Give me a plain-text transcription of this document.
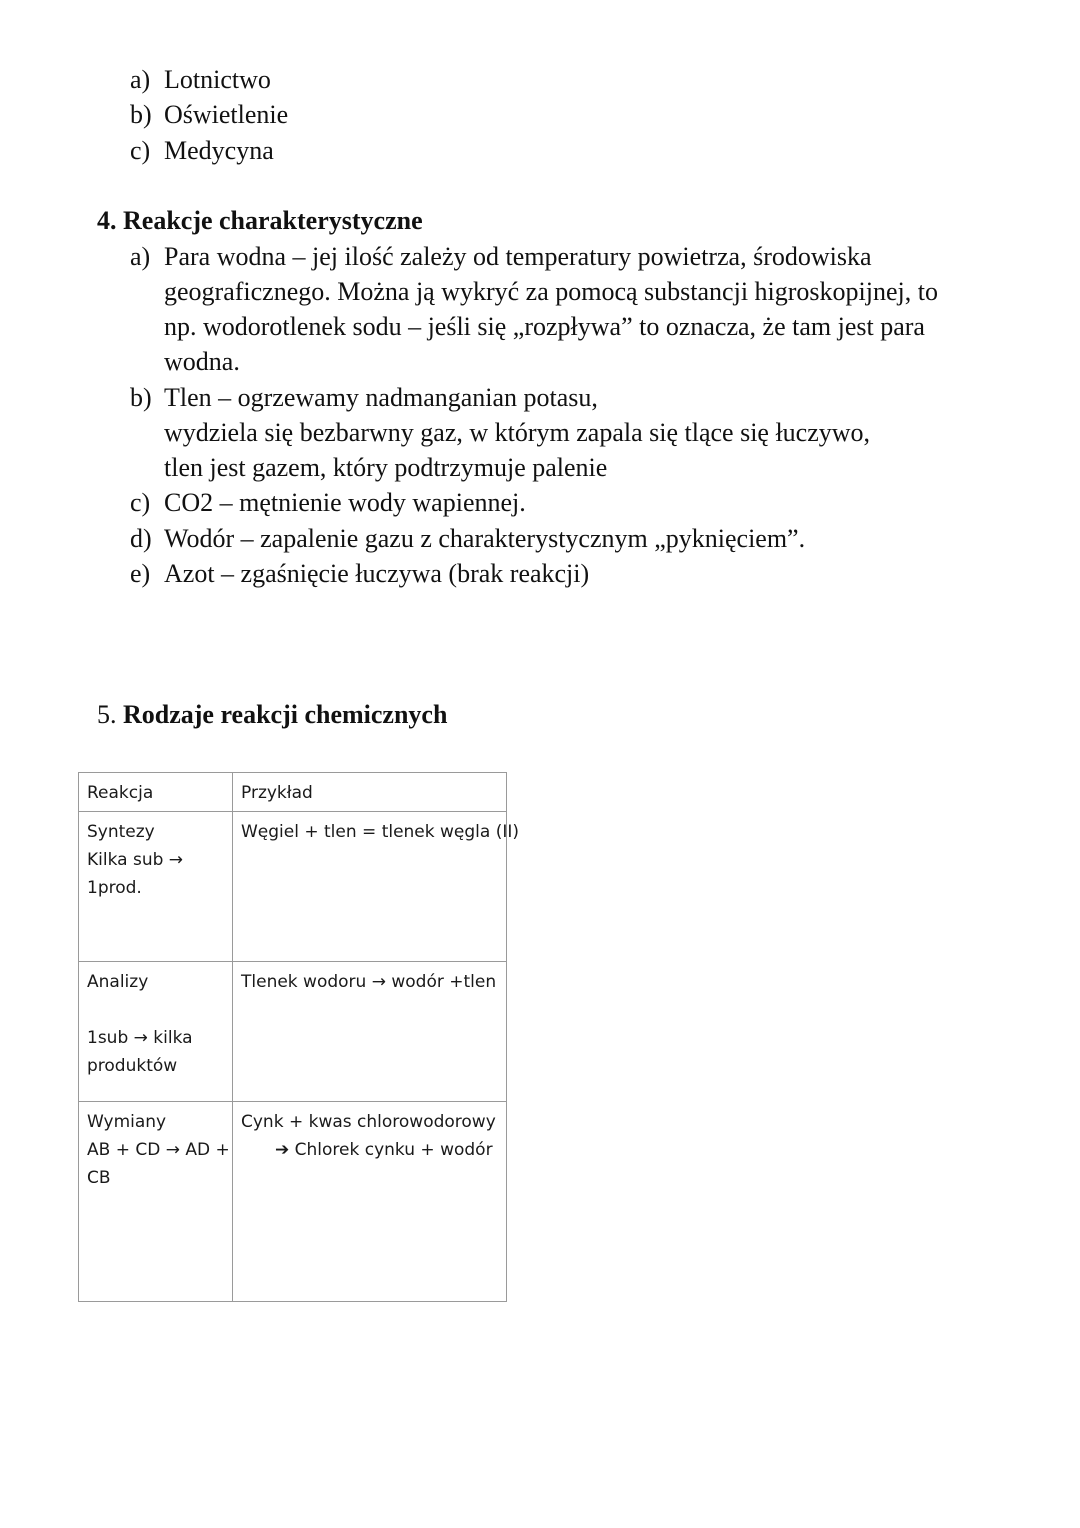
a) Lotnictwo
b) Oświetlenie
c) Medycyna
4. Reakcje charakterystyczne
a) Para wodna – jej ilość zależy od temperatury powietrza, środowiska
geograficznego. Można ją wykryć za pomocą substancji higroskopijnej, to
np. wodorotlenek sodu – jeśli się „rozpływa” to oznacza, że tam jest para
wodna.
b) Tlen – ogrzewamy nadmanganian potasu,
wydziela się bezbarwny gaz, w którym zapala się tlące się łuczywo,
tlen jest gazem, który podtrzymuje palenie
c) CO2 – mętnienie wody wapiennej.
d) Wodór – zapalenie gazu z charakterystycznym „pyknięciem”.
e) Azot – zgaśnięcie łuczywa (brak reakcji)
5. Rodzaje reakcji chemicznych
Reakcja	Przykład

Syntezy
Kilka sub →
1prod.	Węgiel + tlen = tlenek węgla (II)

Analizy
1sub → kilka
produktów	Tlenek wodoru → wodór +tlen

Wymiany
AB + CD → AD +
CB	Cynk + kwas chlorowodorowy
➔ Chlorek cynku + wodór
